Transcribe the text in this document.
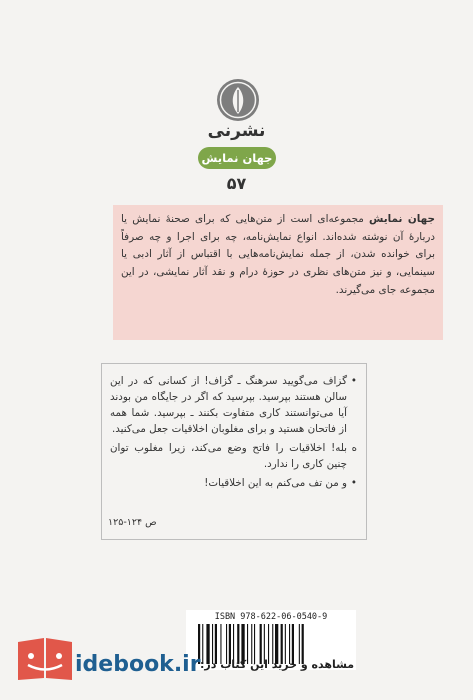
نشرنی
جهان نمایش
۵۷
جهان نمایش مجموعه‌ای است از متن‌هایی که برای صحنهٔ نمایش یا دربارهٔ آن نوشته شده‌اند. انواع نمایش‌نامه، چه برای اجرا و چه صرفاً برای خوانده شدن، از جمله نمایش‌نامه‌هایی با اقتباس از آثار ادبی یا سینمایی، و نیز متن‌های نظری در حوزهٔ درام و نقد آثار نمایشی، در این مجموعه جای می‌گیرند.
•
گزاف می‌گویید سرهنگ ـ گزاف! از کسانی که در این سالن هستند بپرسید. بپرسید که اگر در جایگاه من بودند آیا می‌توانستند کاری متفاوت بکنند ـ بپرسید. شما همه از فاتحان هستید و برای مغلوبان اخلاقیات جعل می‌کنید.
ە
بله! اخلاقیات را فاتح وضع می‌کند، زیرا مغلوب توان چنین کاری را ندارد.
•
و من تف می‌کنم به این اخلاقیات!
ص ۱۲۴-۱۲۵
ISBN 978-622-06-0540-9
idebook.ir مشاهده و خرید این کتاب در:
